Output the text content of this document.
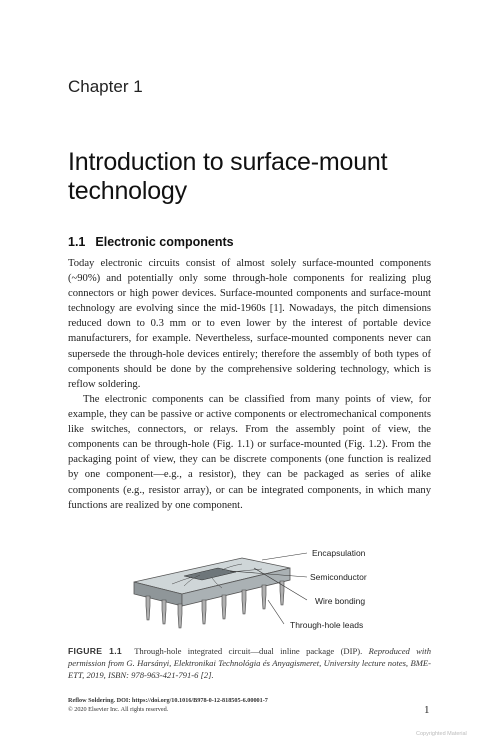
Chapter 1
Introduction to surface-mount technology
1.1 Electronic components

Today electronic circuits consist of almost solely surface-mounted components (~90%) and potentially only some through-hole components for realizing plug connectors or high power devices. Surface-mounted components and surface-mount technology are evolving since the mid-1960s [1]. Nowadays, the pitch dimensions reduced down to 0.3 mm or to even lower by the interest of portable device manufacturers, for example. Nevertheless, surface-mounted components never can supersede the through-hole devices entirely; therefore the assembly of both types of components should be done by the comprehensive soldering technology, which is reflow soldering.

The electronic components can be classified from many points of view, for example, they can be passive or active components or electromechanical components like switches, connectors, or relays. From the assembly point of view, the components can be through-hole (Fig. 1.1) or surface-mounted (Fig. 1.2). From the packaging point of view, they can be discrete components (one function is realized by one component—e.g., a resistor), they can be packaged as series of alike components (e.g., resistor array), or can be integrated components, in which many functions are realized by one component.

Encapsulation
Semiconductor
Wire bonding
Through-hole leads

FIGURE 1.1 Through-hole integrated circuit—dual inline package (DIP). Reproduced with permission from G. Harsányi, Elektronikai Technológia és Anyagismeret, University lecture notes, BME-ETT, 2019, ISBN: 978-963-421-791-6 [2].

Reflow Soldering. DOI: https://doi.org/10.1016/B978-0-12-818505-6.00001-7
© 2020 Elsevier Inc. All rights reserved.	1
Copyrighted Material
